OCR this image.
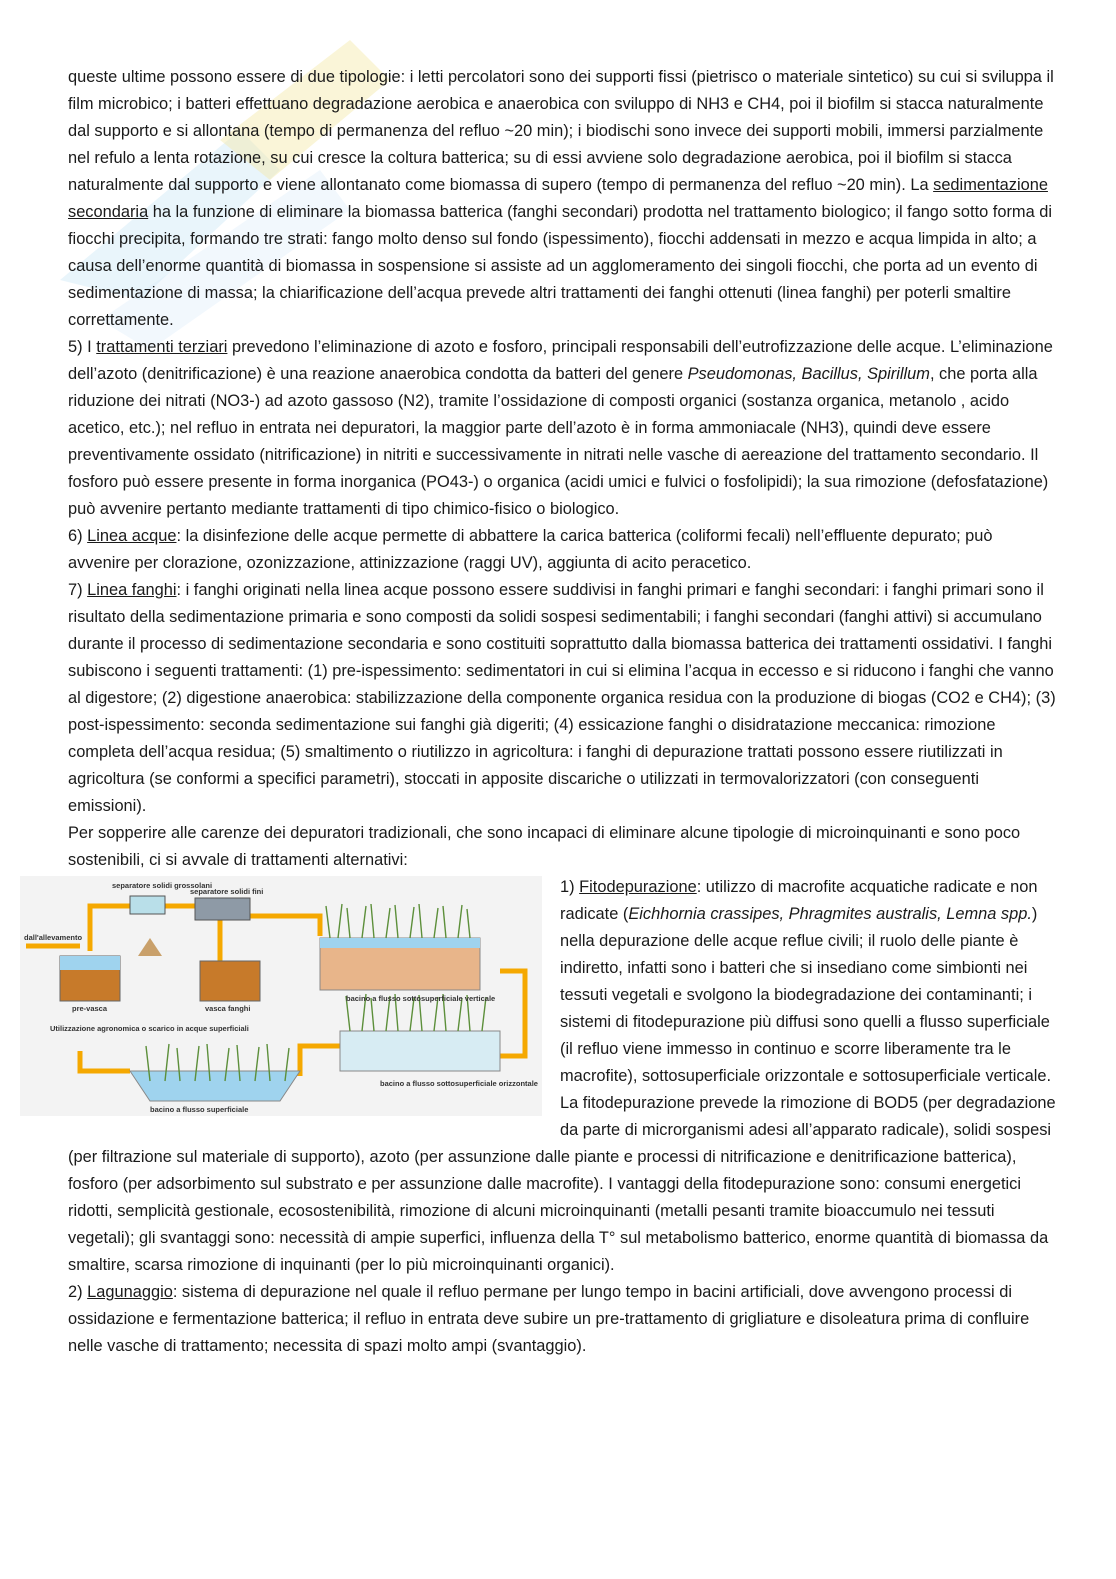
queste ultime possono essere di due tipologie: i letti percolatori sono dei supporti fissi (pietrisco o materiale sintetico) su cui si sviluppa il film microbico; i batteri effettuano degradazione aerobica e anaerobica con sviluppo di NH3 e CH4, poi il biofilm si stacca naturalmente dal supporto e si allontana (tempo di permanenza del refluo ~20 min); i biodischi sono invece dei supporti mobili, immersi parzialmente nel refulo a lenta rotazione, su cui cresce la coltura batterica; su di essi avviene solo degradazione aerobica, poi il biofilm si stacca naturalmente dal supporto e viene allontanato come biomassa di supero (tempo di permanenza del refluo ~20 min). La sedimentazione secondaria ha la funzione di eliminare la biomassa batterica (fanghi secondari) prodotta nel trattamento biologico; il fango sotto forma di fiocchi precipita, formando tre strati: fango molto denso sul fondo (ispessimento), fiocchi addensati in mezzo e acqua limpida in alto; a causa dell’enorme quantità di biomassa in sospensione si assiste ad un agglomeramento dei singoli fiocchi, che porta ad un evento di sedimentazione di massa; la chiarificazione dell’acqua prevede altri trattamenti dei fanghi ottenuti (linea fanghi) per poterli smaltire correttamente.

5) I trattamenti terziari prevedono l’eliminazione di azoto e fosforo, principali responsabili dell’eutrofizzazione delle acque. L’eliminazione dell’azoto (denitrificazione) è una reazione anaerobica condotta da batteri del genere Pseudomonas, Bacillus, Spirillum, che porta alla riduzione dei nitrati (NO3-) ad azoto gassoso (N2), tramite l’ossidazione di composti organici (sostanza organica, metanolo , acido acetico, etc.); nel refluo in entrata nei depuratori, la maggior parte dell’azoto è in forma ammoniacale (NH3), quindi deve essere preventivamente ossidato (nitrificazione) in nitriti e successivamente in nitrati nelle vasche di aereazione del trattamento secondario. Il fosforo può essere presente in forma inorganica (PO43-) o organica (acidi umici e fulvici o fosfolipidi); la sua rimozione (defosfatazione) può avvenire pertanto mediante trattamenti di tipo chimico-fisico o biologico.

6) Linea acque: la disinfezione delle acque permette di abbattere la carica batterica (coliformi fecali) nell’effluente depurato; può avvenire per clorazione, ozonizzazione, attinizzazione (raggi UV), aggiunta di acito peracetico.

7) Linea fanghi: i fanghi originati nella linea acque possono essere suddivisi in fanghi primari e fanghi secondari: i fanghi primari sono il risultato della sedimentazione primaria e sono composti da solidi sospesi sedimentabili; i fanghi secondari (fanghi attivi) si accumulano durante il processo di sedimentazione secondaria e sono costituiti soprattutto dalla biomassa batterica dei trattamenti ossidativi. I fanghi subiscono i seguenti trattamenti: (1) pre-ispessimento: sedimentatori in cui si elimina l’acqua in eccesso e si riducono i fanghi che vanno al digestore; (2) digestione anaerobica: stabilizzazione della componente organica residua con la produzione di biogas (CO2 e CH4); (3) post-ispessimento: seconda sedimentazione sui fanghi già digeriti; (4) essicazione fanghi o disidratazione meccanica: rimozione completa dell’acqua residua; (5) smaltimento o riutilizzo in agricoltura: i fanghi di depurazione trattati possono essere riutilizzati in agricoltura (se conformi a specifici parametri), stoccati in apposite discariche o utilizzati in termovalorizzatori (con conseguenti emissioni).

Per sopperire alle carenze dei depuratori tradizionali, che sono incapaci di eliminare alcune tipologie di microinquinanti e sono poco sostenibili, ci si avvale di trattamenti alternativi:

separatore solidi grossolani
separatore solidi fini
dall'allevamento
pre-vasca	vasca fanghi
bacino a flusso sottosuperficiale verticale
Utilizzazione agronomica o scarico in acque superficiali
bacino a flusso sottosuperficiale orizzontale
bacino a flusso superficiale

1) Fitodepurazione: utilizzo di macrofite acquatiche radicate e non radicate (Eichhornia crassipes, Phragmites australis, Lemna spp.) nella depurazione delle acque reflue civili; il ruolo delle piante è indiretto, infatti sono i batteri che si insediano come simbionti nei tessuti vegetali e svolgono la biodegradazione dei contaminanti; i sistemi di fitodepurazione più diffusi sono quelli a flusso superficiale (il refluo viene immesso in continuo e scorre liberamente tra le macrofite), sottosuperficiale orizzontale e sottosuperficiale verticale. La fitodepurazione prevede la rimozione di BOD5 (per degradazione da parte di microrganismi adesi all’apparato radicale), solidi sospesi (per filtrazione sul materiale di supporto), azoto (per assunzione dalle piante e processi di nitrificazione e denitrificazione batterica), fosforo (per adsorbimento sul substrato e per assunzione dalle macrofite). I vantaggi della fitodepurazione sono: consumi energetici ridotti, semplicità gestionale, ecosostenibilità, rimozione di alcuni microinquinanti (metalli pesanti tramite bioaccumulo nei tessuti vegetali); gli svantaggi sono: necessità di ampie superfici, influenza della T° sul metabolismo batterico, enorme quantità di biomassa da smaltire, scarsa rimozione di inquinanti (per lo più microinquinanti organici).

2) Lagunaggio: sistema di depurazione nel quale il refluo permane per lungo tempo in bacini artificiali, dove avvengono processi di ossidazione e fermentazione batterica; il refluo in entrata deve subire un pre-trattamento di grigliature e disoleatura prima di confluire nelle vasche di trattamento; necessita di spazi molto ampi (svantaggio).
